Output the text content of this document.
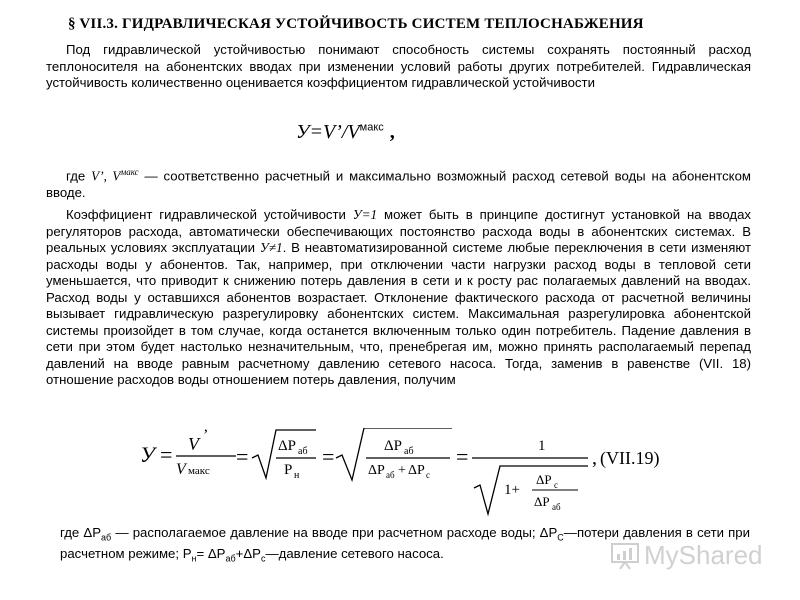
§ VII.3. ГИДРАВЛИЧЕСКАЯ УСТОЙЧИВОСТЬ СИСТЕМ ТЕПЛОСНАБЖЕНИЯ
Под гидравлической устойчивостью понимают способность системы сохранять постоянный расход теплоносителя на абонентских вводах при изменении условий работы других потребителей. Гидравлическая устойчивость количественно оценивается коэффициентом гидравлической устойчивости
$У=V’/V^{макс}$ ,
где V’, $V^{макс}$ — соответственно расчетный и максимально возможный расход сетевой воды на абонентском вводе.
Коэффициент гидравлической устойчивости У=1 может быть в принципе достигнут установкой на вводах регуляторов расхода, автоматически обеспечивающих постоянство расхода воды в абонентских системах. В реальных условиях эксплуатации У≠1. В неавтоматизированной системе любые переключения в сети изменяют расходы воды у абонентов. Так, например, при отключении части нагрузки расход воды в тепловой сети уменьшается, что приводит к снижению потерь давления в сети и к росту рас полагаемых давлений на вводах. Расход воды у оставшихся абонентов возрастает. Отклонение фактического расхода от расчетной величины вызывает гидравлическую разрегулировку абонентских систем. Максимальная разрегулировка абонентской системы произойдет в том случае, когда останется включенным только один потребитель. Падение давления в сети при этом будет настолько незначительным, что, пренебрегая им, можно принять располагаемый перепад давлений на вводе равным расчетному давлению сетевого насоса. Тогда, заменив в равенстве (VII. 18) отношение расходов воды отношением потерь давления, получим
У = V ’
V макс
= ΔP аб
P н
=	ΔP аб
ΔP аб + ΔP с
=	1
1+
ΔP с
ΔP аб
, (VII.19)
где $\Delta P_{аб}$ — располагаемое давление на вводе при расчетном расходе воды; $\Delta P_С—потери$ давления в сети при расчетном режиме; $P_н=$ $\Delta P_{аб}+\Delta P_c—давление$ сетевого насоса.	MyShared
